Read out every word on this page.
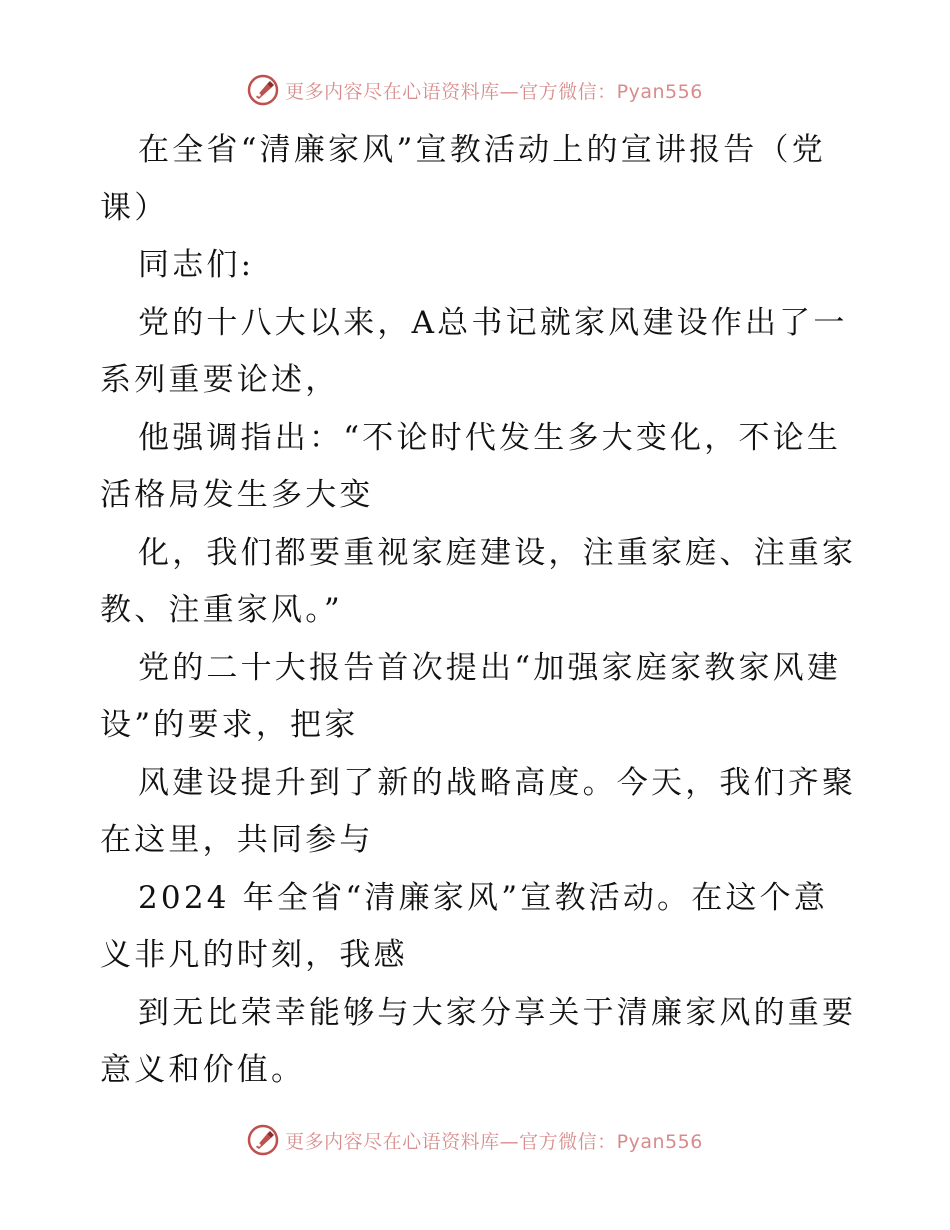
更多内容尽在心语资料库—官方微信：Pyan556
在全省“清廉家风”宣教活动上的宣讲报告（党
课）
同志们:
党的十八大以来，A总书记就家风建设作出了一
系列重要论述，
他强调指出：“不论时代发生多大变化，不论生
活格局发生多大变
化，我们都要重视家庭建设，注重家庭、注重家
教、注重家风。”
党的二十大报告首次提出“加强家庭家教家风建
设”的要求，把家
风建设提升到了新的战略高度。今天，我们齐聚
在这里，共同参与
2024 年全省“清廉家风”宣教活动。在这个意
义非凡的时刻，我感
到无比荣幸能够与大家分享关于清廉家风的重要
意义和价值。
更多内容尽在心语资料库—官方微信：Pyan556
